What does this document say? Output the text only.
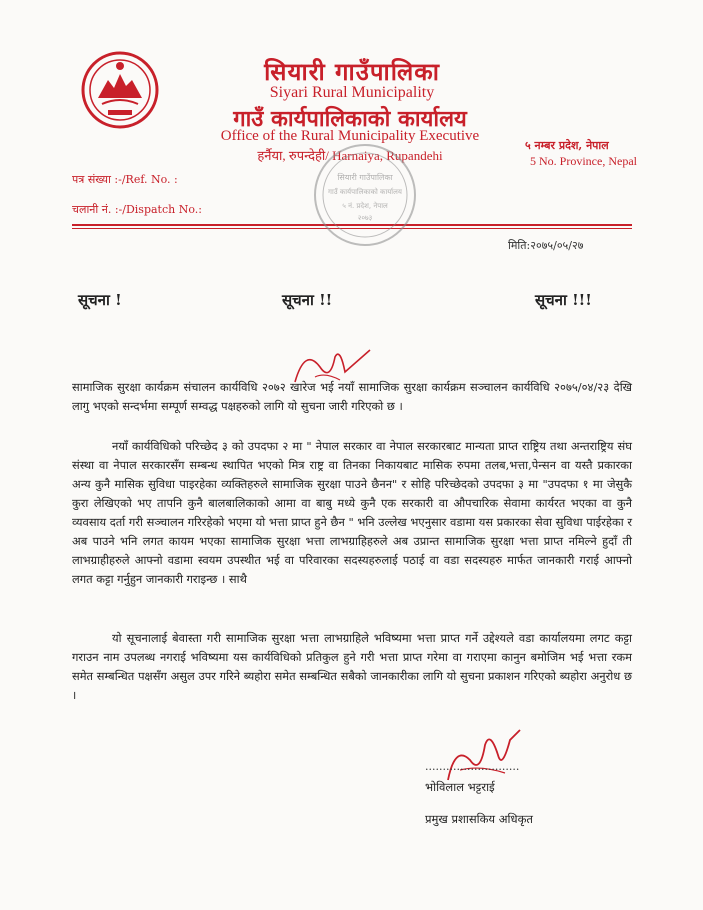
सियारी गाउँपालिका
Siyari Rural Municipality
गाउँ कार्यपालिकाको कार्यालय
Office of the Rural Municipality Executive
हर्नैया, रुपन्देही/ Harnaiya, Rupandehi
५ नम्बर प्रदेश, नेपाल
5 No. Province, Nepal
पत्र संख्या :-/Ref. No. :
चलानी नं. :-/Dispatch No.:
सियारी गाउँपालिका
गाउँ कार्यपालिकाको कार्यालय
५ नं. प्रदेश, नेपाल
२०७३
मिति:२०७५/०५/२७
सूचना !	सूचना !!	सूचना !!!
सामाजिक सुरक्षा कार्यक्रम संचालन कार्यविधि २०७२ खारेज भई नयाँ सामाजिक सुरक्षा कार्यक्रम सञ्चालन कार्यविधि २०७५/०४/२३ देखि लागु भएको सन्दर्भमा सम्पूर्ण सम्वद्ध पक्षहरुको लागि यो सुचना जारी गरिएको छ ।
नयाँ कार्यविधिको परिच्छेद ३ को उपदफा २ मा " नेपाल सरकार वा नेपाल सरकारबाट मान्यता प्राप्त राष्ट्रिय तथा अन्तराष्ट्रिय संघ संस्था वा नेपाल सरकारसँग सम्बन्ध स्थापित भएको मित्र राष्ट्र वा तिनका निकायबाट मासिक रुपमा तलब,भत्ता,पेन्सन वा यस्तै प्रकारका अन्य कुनै मासिक सुविधा पाइरहेका व्यक्तिहरुले सामाजिक सुरक्षा पाउने छैनन" र सोहि परिच्छेदको उपदफा ३ मा "उपदफा १ मा जेसुकै कुरा लेखिएको भए तापनि कुनै बालबालिकाको आमा वा बाबु मध्ये कुनै एक सरकारी वा औपचारिक सेवामा कार्यरत भएका वा कुनै व्यवसाय दर्ता गरी सञ्चालन गरिरहेको भएमा यो भत्ता प्राप्त हुने छैन " भनि उल्लेख भएनुसार वडामा यस प्रकारका सेवा सुविधा पाईरहेका र अब पाउने भनि लगत कायम भएका सामाजिक सुरक्षा भत्ता लाभग्राहिहरुले अब उप्रान्त सामाजिक सुरक्षा भत्ता प्राप्त नमिल्ने हुदाँ ती लाभग्राहीहरुले आफ्नो वडामा स्वयम उपस्थीत भई वा परिवारका सदस्यहरुलाई पठाई वा वडा सदस्यहरु मार्फत जानकारी गराई आफ्नो लगत कट्टा गर्नुहुन जानकारी गराइन्छ । साथै
यो सूचनालाई बेवास्ता गरी सामाजिक सुरक्षा भत्ता लाभग्राहिले भविष्यमा भत्ता प्राप्त गर्ने उद्देश्यले वडा कार्यालयमा लगट कट्टा गराउन नाम उपलब्ध नगराई भविष्यमा यस कार्यविधिको प्रतिकुल हुने गरी भत्ता प्राप्त गरेमा वा गराएमा कानुन बमोजिम भई भत्ता रकम समेत सम्बन्धित पक्षसँग असुल उपर गरिने ब्यहोरा समेत सम्बन्धित सबैको जानकारीका लागि यो सुचना प्रकाशन गरिएको ब्यहोरा अनुरोध छ ।
...........................
भोविलाल भट्टराई
प्रमुख प्रशासकिय अधिकृत
